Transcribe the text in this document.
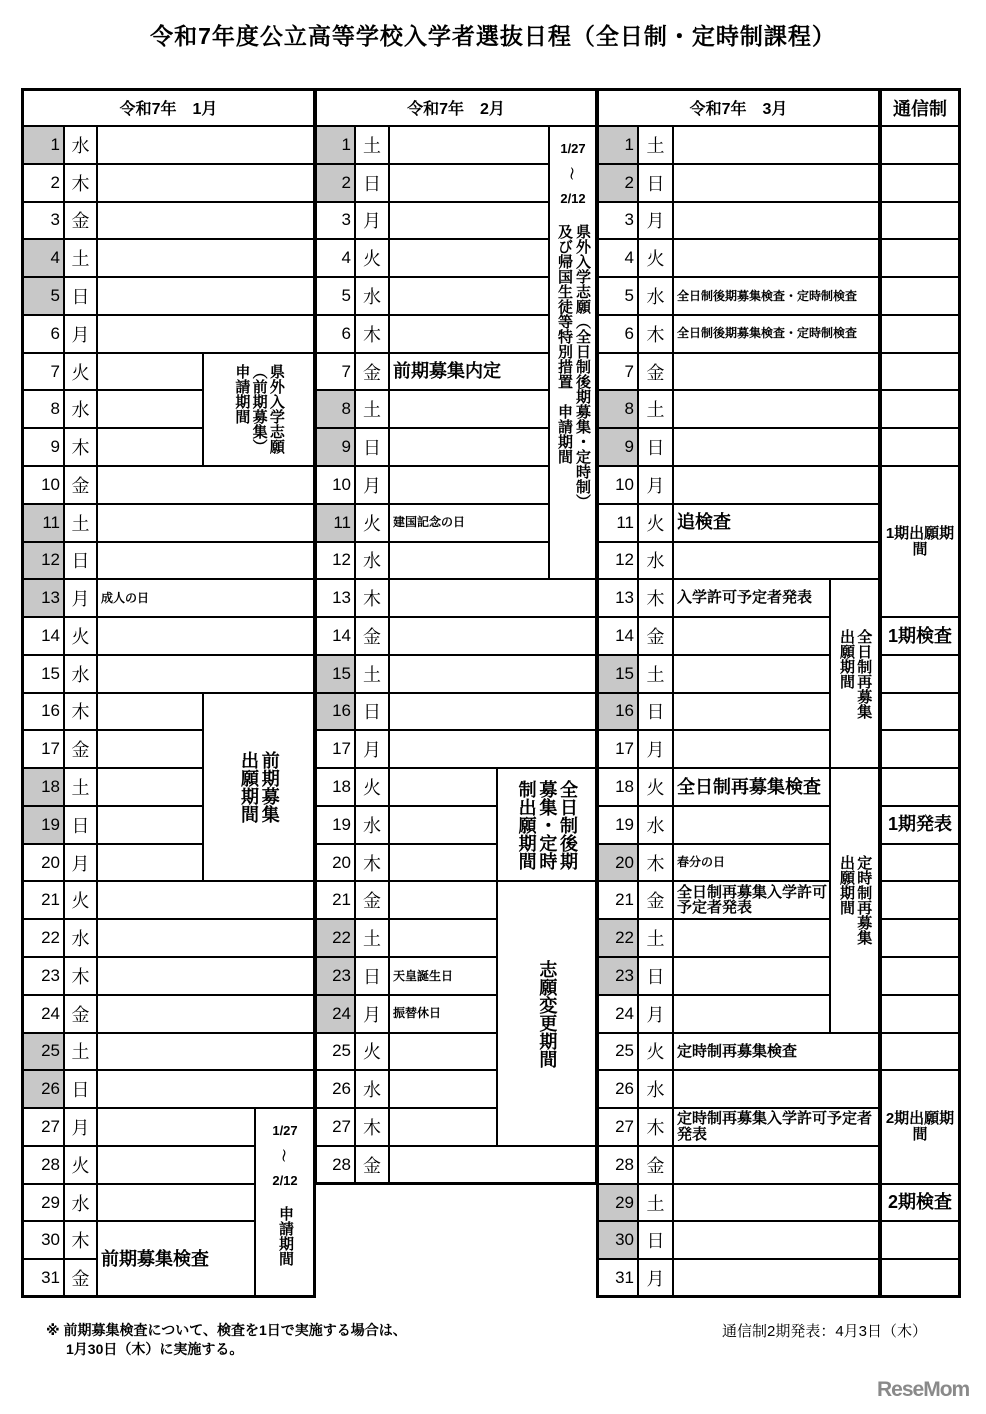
令和7年度公立高等学校入学者選抜日程（全日制・定時制課程）
令和7年　1月
1 水
2 木
3 金
4 土
5 日
6 月
7 火
8 水
9 木
10 金
11 土
12 日
13 月
14 火
15 水
16 木
17 金
18 土
19 日
20 月
21 火
22 水
23 木
24 金
25 土
26 日
27 月
28 火
29 水
30 木
31 金
成人の日
県外入学志願
（前期募集）
申請期間
前期募集
出願期間
1/27
～
2/12
申請期間
前期募集検査
令和7年　2月
1 土
2 日
3 月
4 火
5 水
6 木
7 金
8 土
9 日
10 月
11 火
12 水
13 木
14 金
15 土
16 日
17 月
18 火
19 水
20 木
21 金
22 土
23 日
24 月
25 火
26 水
27 木
28 金
前期募集内定
建国記念の日
天皇誕生日
振替休日
1/27
～
2/12
県外入学志願（全日制後期募集・定時制）
及び帰国生徒等特別措置　申請期間
全日制後期
募集・定時
制出願期間
志願変更期間
令和7年　3月
1 土
2 日
3 月
4 火
5 水
6 木
7 金
8 土
9 日
10 月
11 火
12 水
13 木
14 金
15 土
16 日
17 月
18 火
19 水
20 木
21 金
22 土
23 日
24 月
25 火
26 水
27 木
28 金
29 土
30 日
31 月
全日制後期募集検査・定時制検査
全日制後期募集検査・定時制検査
追検査
入学許可予定者発表
全日制再募集検査
春分の日
全日制再募集入学許可予定者発表
定時制再募集検査
定時制再募集入学許可予定者発表
全日制再募集
出願期間
定時制再募集
出願期間
通信制
1期出願期間
1期検査
1期発表
2期出願期間
2期検査
※ 前期募集検査について、検査を1日で実施する場合は、
1月30日（木）に実施する。
通信制2期発表：4月3日（木）
ReseMom
